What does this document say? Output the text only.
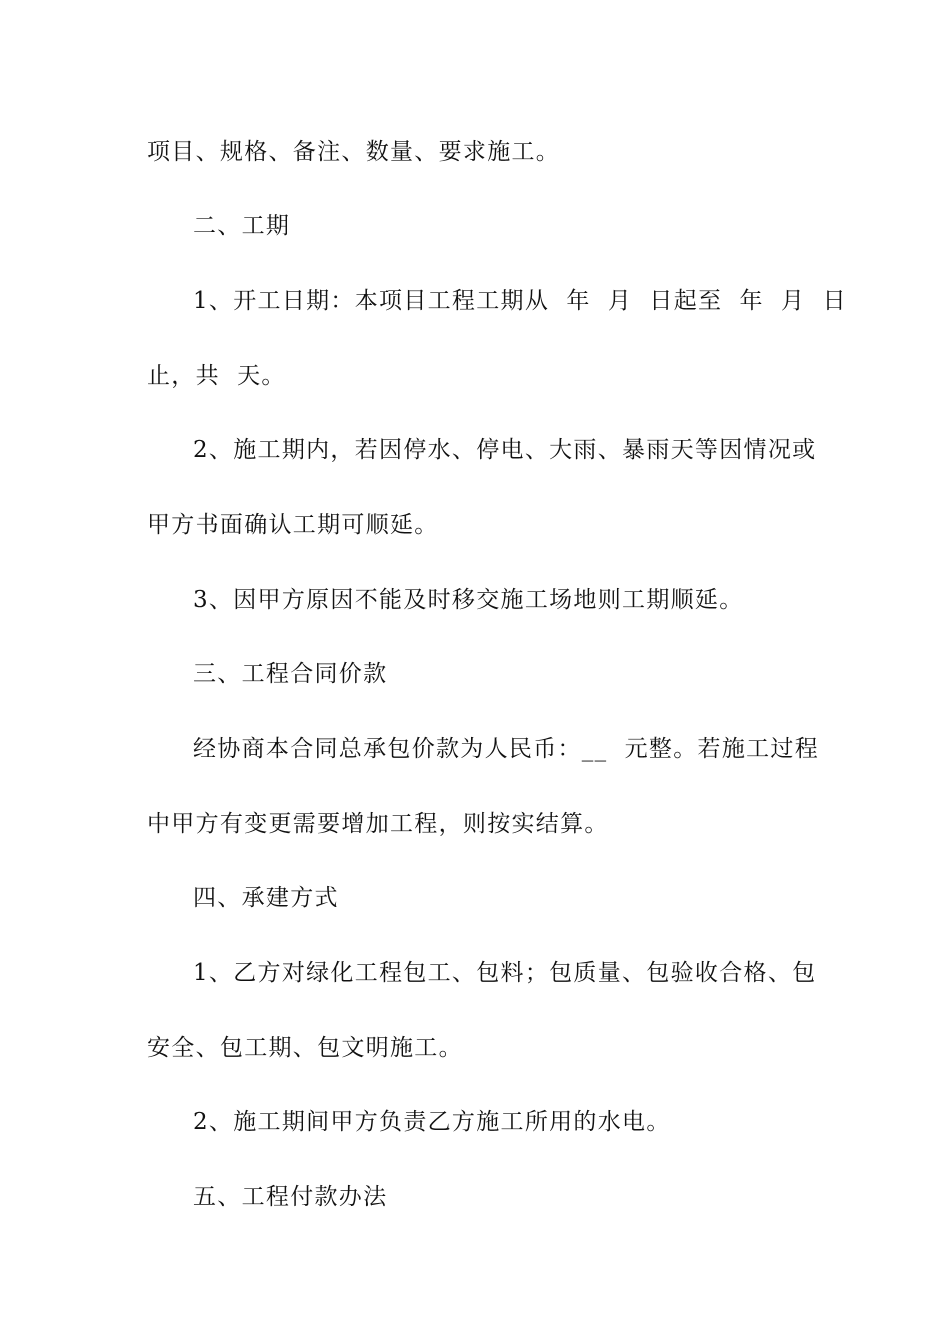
项目、规格、备注、数量、要求施工。
二、工期
1、开工日期：本项目工程工期从  年  月  日起至  年  月  日
止，共  天。
2、施工期内，若因停水、停电、大雨、暴雨天等因情况或
甲方书面确认工期可顺延。
3、因甲方原因不能及时移交施工场地则工期顺延。
三、工程合同价款
经协商本合同总承包价款为人民币：__  元整。若施工过程
中甲方有变更需要增加工程，则按实结算。
四、承建方式
1、乙方对绿化工程包工、包料；包质量、包验收合格、包
安全、包工期、包文明施工。
2、施工期间甲方负责乙方施工所用的水电。
五、工程付款办法
